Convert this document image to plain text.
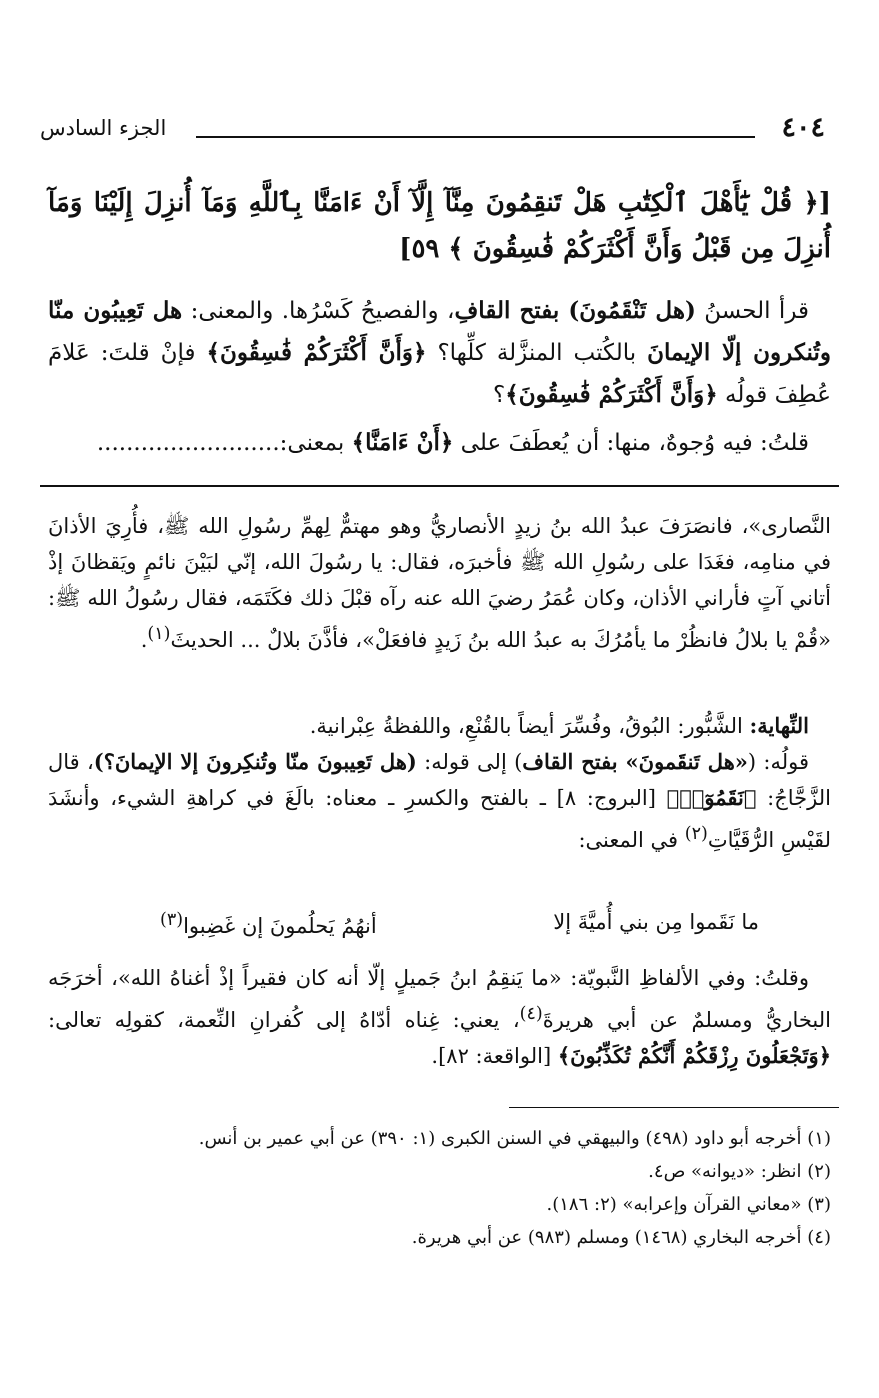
٤٠٤
الجزء السادس
[﴿ قُلْ يَٰٓأَهْلَ ٱلْكِتَٰبِ هَلْ تَنقِمُونَ مِنَّآ إِلَّآ أَنْ ءَامَنَّا بِٱللَّهِ وَمَآ أُنزِلَ إِلَيْنَا وَمَآ أُنزِلَ مِن قَبْلُ وَأَنَّ أَكْثَرَكُمْ فَٰسِقُونَ ﴾ ٥٩]

قرأ الحسنُ (هل تَنْقَمُونَ) بفتح القافِ، والفصيحُ كَسْرُها. والمعنى: هل تَعِيبُون منّا وتُنكرون إلّا الإيمانَ بالكُتب المنزَّلة كلِّها؟ ﴿وَأَنَّ أَكْثَرَكُمْ فَٰسِقُونَ﴾ فإنْ قلتَ: عَلامَ عُطِفَ قولُه ﴿وَأَنَّ أَكْثَرَكُمْ فَٰسِقُونَ﴾؟

قلتُ: فيه وُجوهٌ، منها: أن يُعطَفَ على ﴿أَنْ ءَامَنَّا﴾ بمعنى:.........................

النَّصارى»، فانصَرَفَ عبدُ الله بنُ زيدٍ الأنصاريُّ وهو مهتمٌّ لِهمِّ رسُولِ الله ﷺ، فأُرِيَ الأذانَ في منامِه، فغَدَا على رسُولِ الله ﷺ فأخبرَه، فقال: يا رسُولَ الله، إنّي لبَيْنَ نائمٍ ويَقظانَ إذْ أتاني آتٍ فأراني الأذان، وكان عُمَرُ رضيَ الله عنه رآه قبْلَ ذلك فكَتَمَه، فقال رسُولُ الله ﷺ: «قُمْ يا بلالُ فانظُرْ ما يأمُرُكَ به عبدُ الله بنُ زَيدٍ فافعَلْ»، فأذَّنَ بلالٌ ... الحديثَ$^{(١)}$.
النِّهاية: الشَّبُّور: البُوقُ، وفُسِّرَ أيضاً بالقُنْعِ، واللفظةُ عِبْرانية.
قولُه: («هل تَنقَمونَ» بفتح القاف) إلى قوله: (هل تَعِيبونَ منّا وتُنكِرونَ إلا الإيمانَ؟)، قال الزَّجَّاجُ: ﴿نَقَمُوٓا۟﴾ [البروج: ٨] ـ بالفتح والكسرِ ـ معناه: بالَغَ في كراهةِ الشيء، وأنشَدَ لقَيْسِ الرُّقَيَّاتِ$^{(٢)}$ في المعنى:
ما نَقَموا مِن بني أُميَّةَ إلا
أنهُمُ يَحلُمونَ إن غَضِبوا$^{(٣)}$
وقلتُ: وفي الألفاظِ النَّبويّة: «ما يَنقِمُ ابنُ جَميلٍ إلّا أنه كان فقيراً إذْ أغناهُ الله»، أخرَجَه البخاريُّ ومسلمٌ عن أبي هريرةَ$^{(٤)}$، يعني: غِناه أدّاهُ إلى كُفرانِ النِّعمة، كقولِه تعالى: ﴿وَتَجْعَلُونَ رِزْقَكُمْ أَنَّكُمْ تُكَذِّبُونَ﴾ [الواقعة: ٨٢].
(١) أخرجه أبو داود (٤٩٨) والبيهقي في السنن الكبرى (١: ٣٩٠) عن أبي عمير بن أنس.
(٢) انظر: «ديوانه» ص٤.
(٣) «معاني القرآن وإعرابه» (٢: ١٨٦).
(٤) أخرجه البخاري (١٤٦٨) ومسلم (٩٨٣) عن أبي هريرة.
